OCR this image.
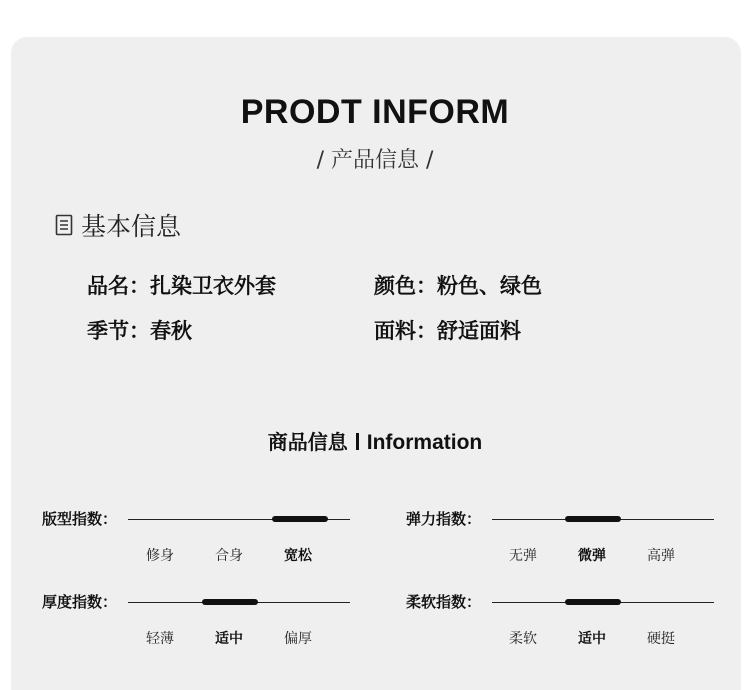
PRODT INFORM
/ 产品信息 /
基本信息
品名：扎染卫衣外套	颜色：粉色、绿色
季节：春秋	面料：舒适面料
商品信息 Information
版型指数：
修身	合身	宽松
弹力指数：
无弹	微弹	高弹
厚度指数：
轻薄	适中	偏厚
柔软指数：
柔软	适中	硬挺
